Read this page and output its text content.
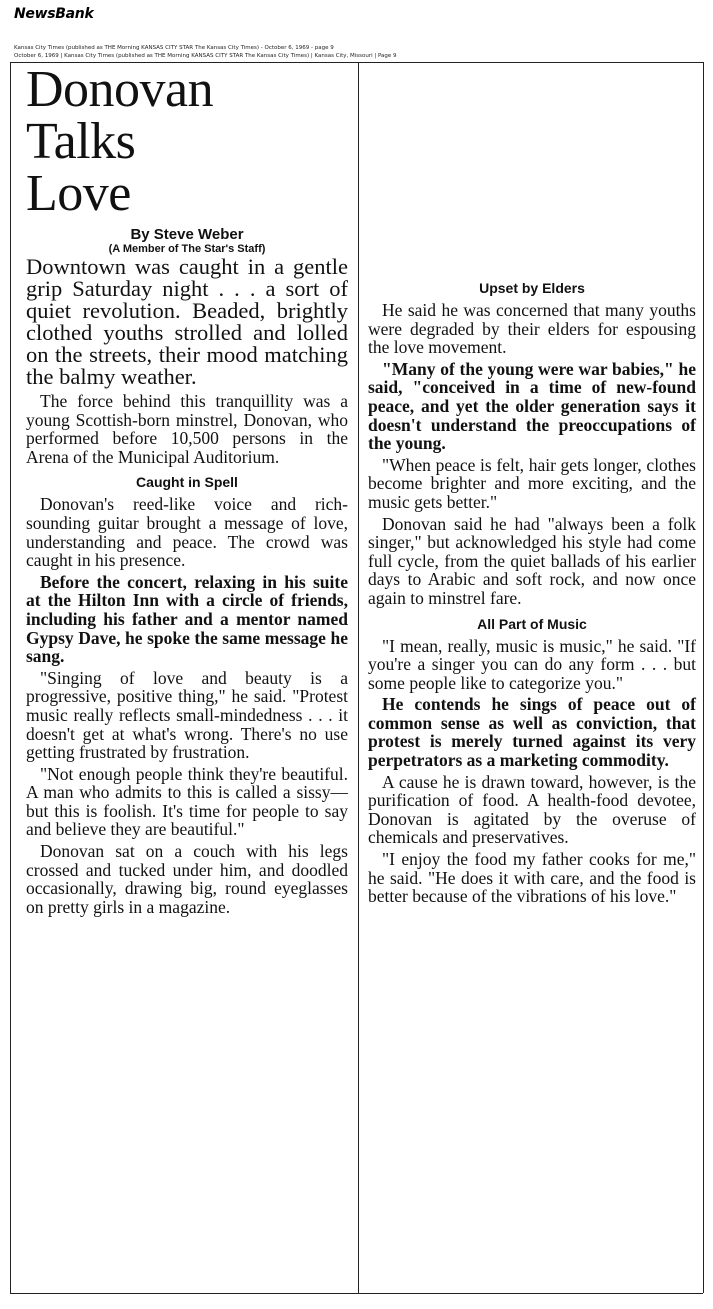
NewsBank
Kansas City Times (published as THE Morning KANSAS CITY STAR The Kansas City Times) - October 6, 1969 - page 9
October 6, 1969 | Kansas City Times (published as THE Morning KANSAS CITY STAR The Kansas City Times) | Kansas City, Missouri | Page 9
Donovan
Talks
Love
By Steve Weber
(A Member of The Star's Staff)

Downtown was caught in a gentle grip Saturday night . . . a sort of quiet revolution. Beaded, brightly clothed youths strolled and lolled on the streets, their mood matching the balmy weather.

The force behind this tranquillity was a young Scottish-born minstrel, Donovan, who performed before 10,500 persons in the Arena of the Municipal Auditorium.

Caught in Spell

Donovan's reed-like voice and rich-sounding guitar brought a message of love, understanding and peace. The crowd was caught in his presence.

Before the concert, relaxing in his suite at the Hilton Inn with a circle of friends, including his father and a mentor named Gypsy Dave, he spoke the same message he sang.

"Singing of love and beauty is a progressive, positive thing," he said. "Protest music really reflects small-mindedness . . . it doesn't get at what's wrong. There's no use getting frustrated by frustration.

"Not enough people think they're beautiful. A man who admits to this is called a sissy—but this is foolish. It's time for people to say and believe they are beautiful."

Donovan sat on a couch with his legs crossed and tucked under him, and doodled occasionally, drawing big, round eyeglasses on pretty girls in a magazine.

Upset by Elders

He said he was concerned that many youths were degraded by their elders for espousing the love movement.

"Many of the young were war babies," he said, "conceived in a time of new-found peace, and yet the older generation says it doesn't understand the preoccupations of the young.

"When peace is felt, hair gets longer, clothes become brighter and more exciting, and the music gets better."

Donovan said he had "always been a folk singer," but acknowledged his style had come full cycle, from the quiet ballads of his earlier days to Arabic and soft rock, and now once again to minstrel fare.

All Part of Music

"I mean, really, music is music," he said. "If you're a singer you can do any form . . . but some people like to categorize you."

He contends he sings of peace out of common sense as well as conviction, that protest is merely turned against its very perpetrators as a marketing commodity.

A cause he is drawn toward, however, is the purification of food. A health-food devotee, Donovan is agitated by the overuse of chemicals and preservatives.

"I enjoy the food my father cooks for me," he said. "He does it with care, and the food is better because of the vibrations of his love."
